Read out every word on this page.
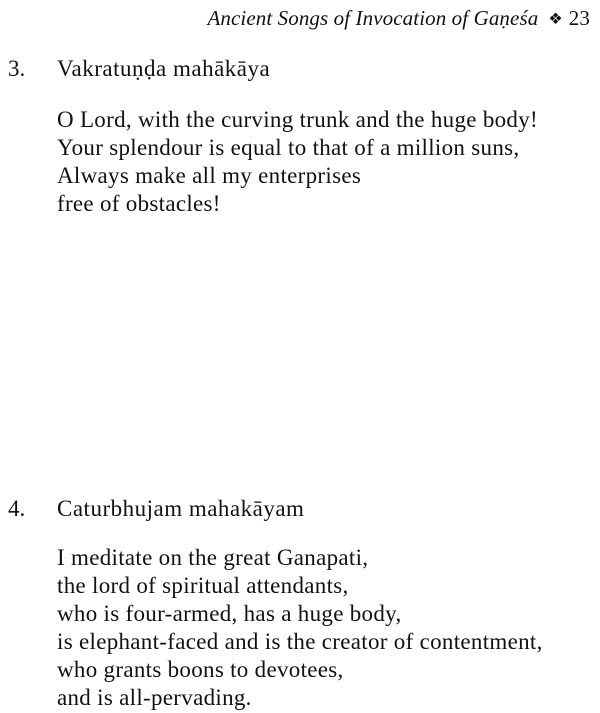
Ancient Songs of Invocation of Gaṇeśa ❖ 23
3. Vakratuṇḍa mahākāya
O Lord, with the curving trunk and the huge body!
Your splendour is equal to that of a million suns,
Always make all my enterprises
free of obstacles!
4. Caturbhujam mahakāyam
I meditate on the great Ganapati,
the lord of spiritual attendants,
who is four-armed, has a huge body,
is elephant-faced and is the creator of contentment,
who grants boons to devotees,
and is all-pervading.
